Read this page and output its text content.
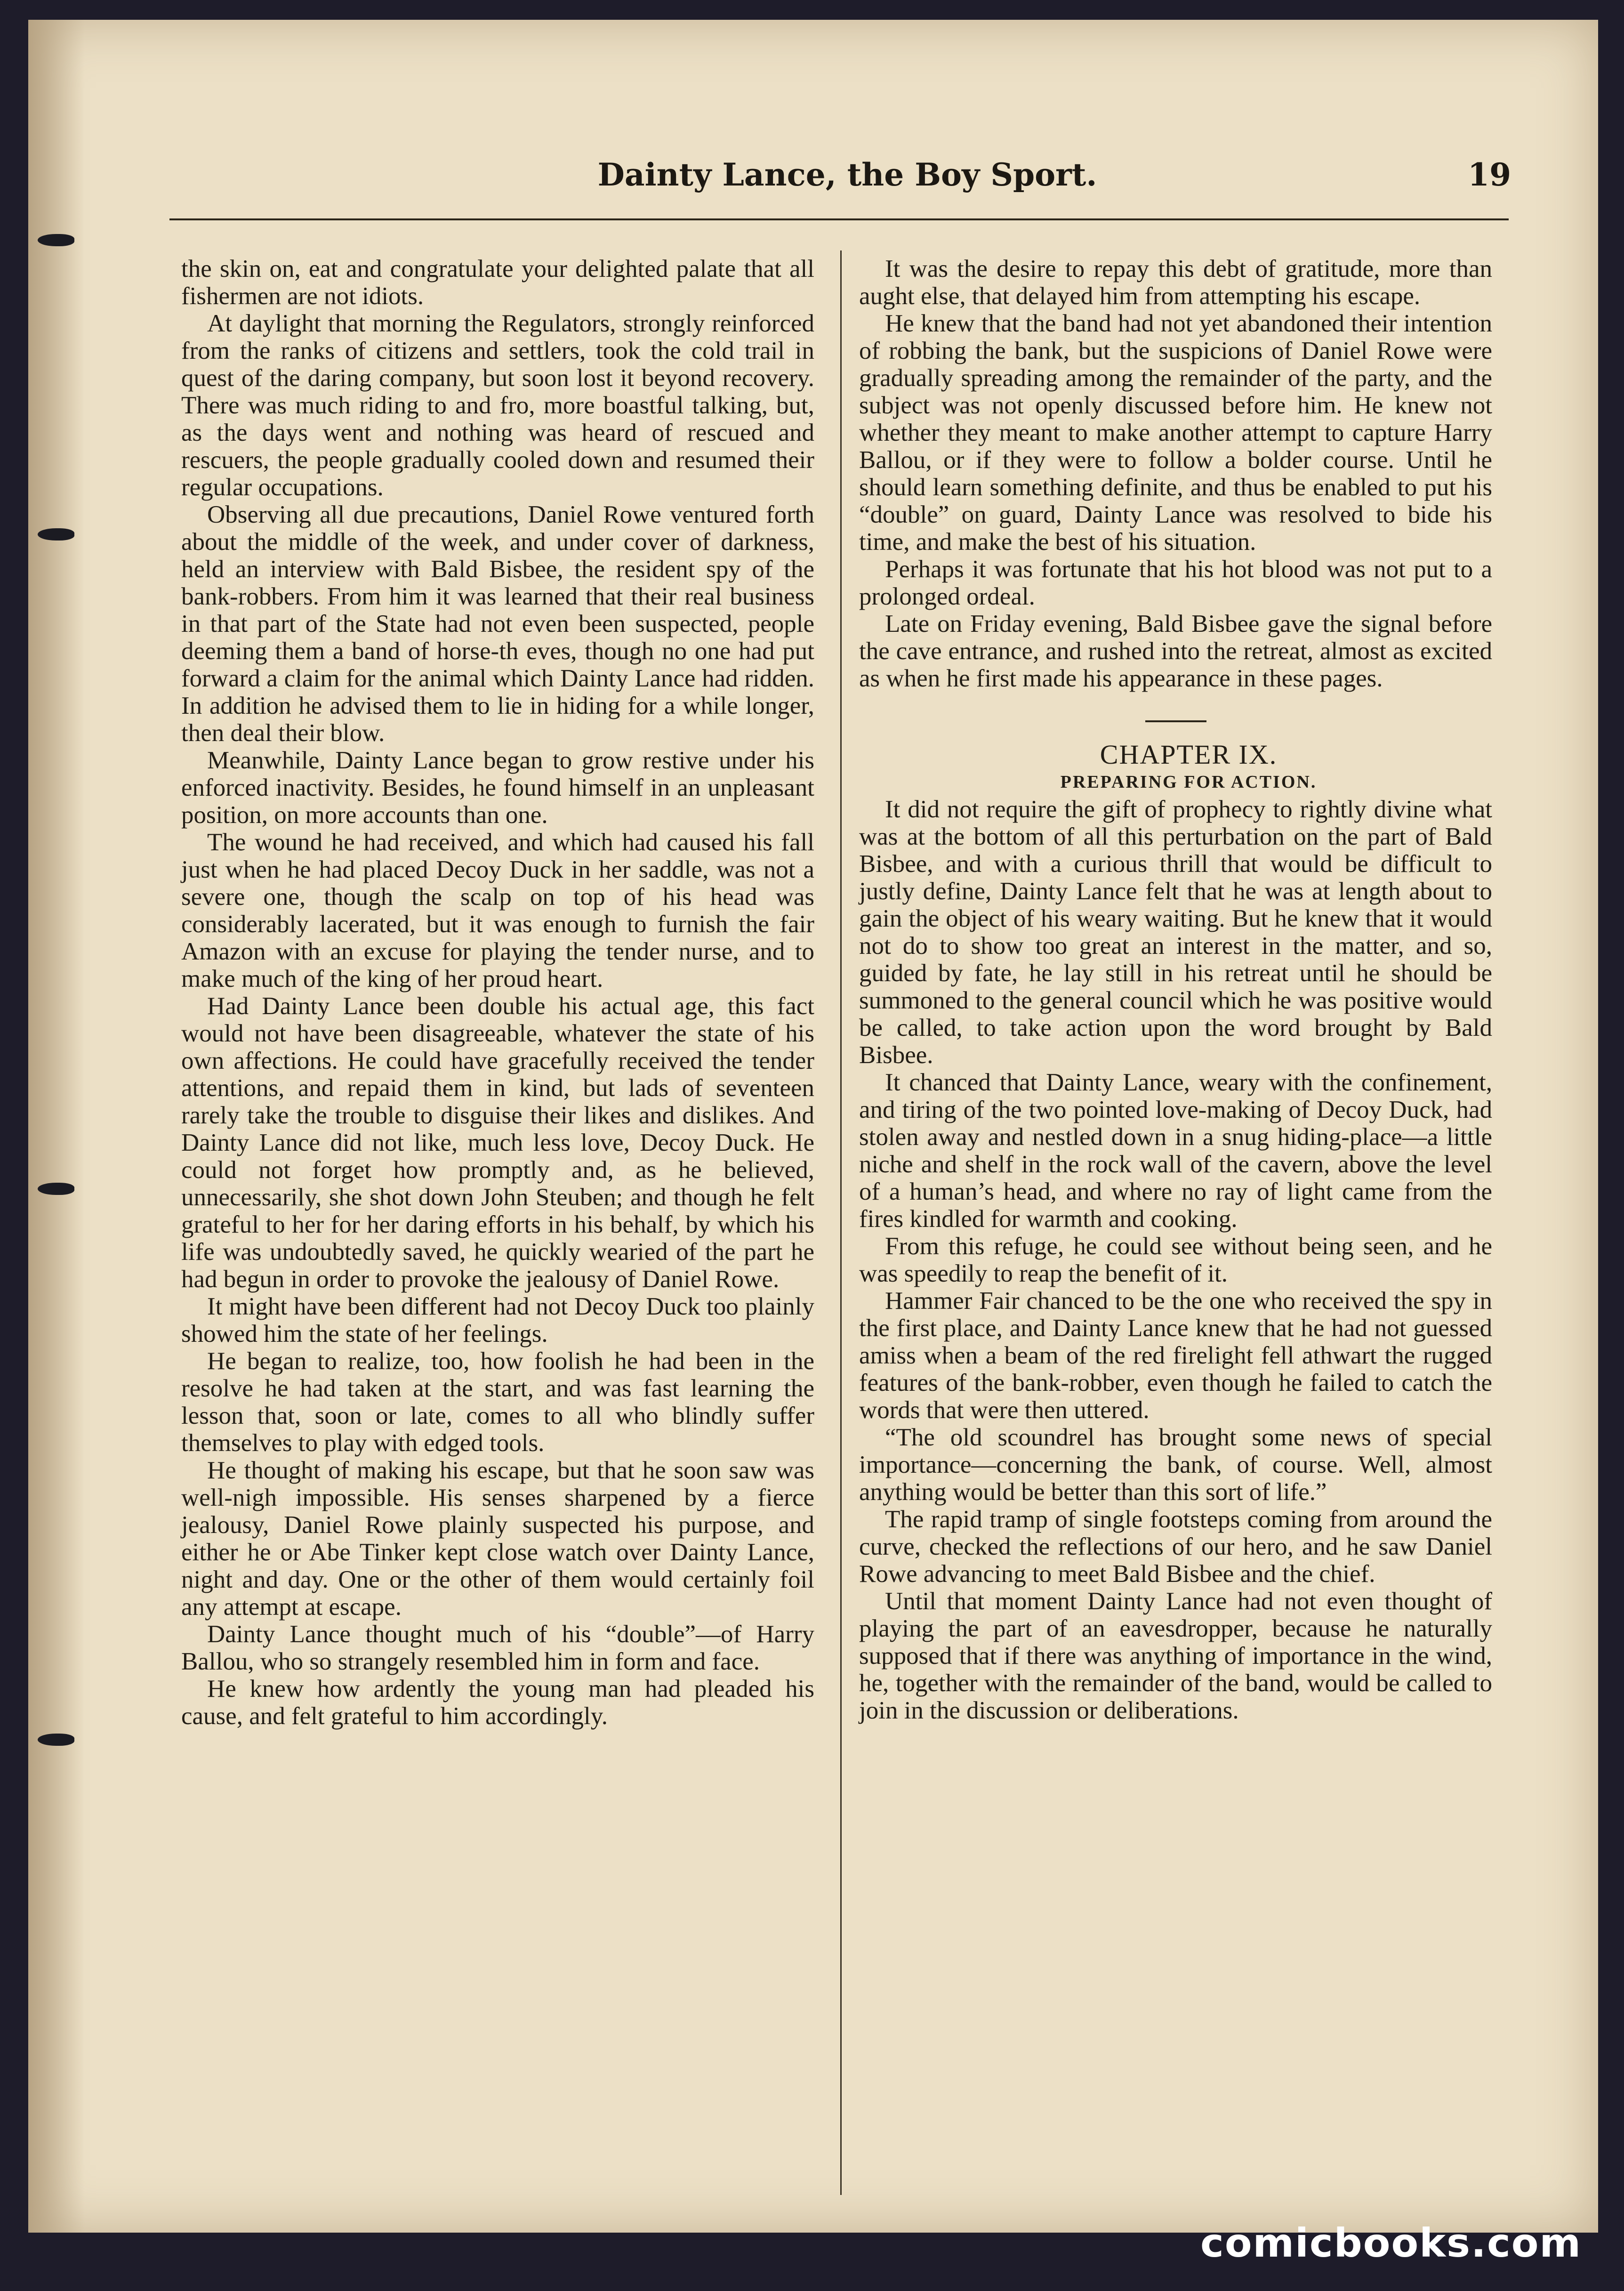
Dainty Lance, the Boy Sport.	19

the skin on, eat and congratulate your delighted palate that all fishermen are not idiots.

At daylight that morning the Regulators, strongly reinforced from the ranks of citizens and settlers, took the cold trail in quest of the daring company, but soon lost it beyond recovery. There was much riding to and fro, more boastful talking, but, as the days went and nothing was heard of rescued and rescuers, the people gradually cooled down and resumed their regular occupations.

Observing all due precautions, Daniel Rowe ventured forth about the middle of the week, and under cover of darkness, held an interview with Bald Bisbee, the resident spy of the bank-robbers. From him it was learned that their real business in that part of the State had not even been suspected, people deeming them a band of horse-th eves, though no one had put forward a claim for the animal which Dainty Lance had ridden. In addition he advised them to lie in hiding for a while longer, then deal their blow.

Meanwhile, Dainty Lance began to grow restive under his enforced inactivity. Besides, he found himself in an unpleasant position, on more accounts than one.

The wound he had received, and which had caused his fall just when he had placed Decoy Duck in her saddle, was not a severe one, though the scalp on top of his head was considerably lacerated, but it was enough to furnish the fair Amazon with an excuse for playing the tender nurse, and to make much of the king of her proud heart.

Had Dainty Lance been double his actual age, this fact would not have been disagreeable, whatever the state of his own affections. He could have gracefully received the tender attentions, and repaid them in kind, but lads of seventeen rarely take the trouble to disguise their likes and dislikes. And Dainty Lance did not like, much less love, Decoy Duck. He could not forget how promptly and, as he believed, unnecessarily, she shot down John Steuben; and though he felt grateful to her for her daring efforts in his behalf, by which his life was undoubtedly saved, he quickly wearied of the part he had begun in order to provoke the jealousy of Daniel Rowe.

It might have been different had not Decoy Duck too plainly showed him the state of her feelings.

He began to realize, too, how foolish he had been in the resolve he had taken at the start, and was fast learning the lesson that, soon or late, comes to all who blindly suffer themselves to play with edged tools.

He thought of making his escape, but that he soon saw was well-nigh impossible. His senses sharpened by a fierce jealousy, Daniel Rowe plainly suspected his purpose, and either he or Abe Tinker kept close watch over Dainty Lance, night and day. One or the other of them would certainly foil any attempt at escape.

Dainty Lance thought much of his “double”—of Harry Ballou, who so strangely resembled him in form and face.

He knew how ardently the young man had pleaded his cause, and felt grateful to him accordingly.

It was the desire to repay this debt of gratitude, more than aught else, that delayed him from attempting his escape.

He knew that the band had not yet abandoned their intention of robbing the bank, but the suspicions of Daniel Rowe were gradually spreading among the remainder of the party, and the subject was not openly discussed before him. He knew not whether they meant to make another attempt to capture Harry Ballou, or if they were to follow a bolder course. Until he should learn something definite, and thus be enabled to put his “double” on guard, Dainty Lance was resolved to bide his time, and make the best of his situation.

Perhaps it was fortunate that his hot blood was not put to a prolonged ordeal.

Late on Friday evening, Bald Bisbee gave the signal before the cave entrance, and rushed into the retreat, almost as excited as when he first made his appearance in these pages.

CHAPTER IX.

PREPARING FOR ACTION.

It did not require the gift of prophecy to rightly divine what was at the bottom of all this perturbation on the part of Bald Bisbee, and with a curious thrill that would be difficult to justly define, Dainty Lance felt that he was at length about to gain the object of his weary waiting. But he knew that it would not do to show too great an interest in the matter, and so, guided by fate, he lay still in his retreat until he should be summoned to the general council which he was positive would be called, to take action upon the word brought by Bald Bisbee.

It chanced that Dainty Lance, weary with the confinement, and tiring of the two pointed love-making of Decoy Duck, had stolen away and nestled down in a snug hiding-place—a little niche and shelf in the rock wall of the cavern, above the level of a human’s head, and where no ray of light came from the fires kindled for warmth and cooking.

From this refuge, he could see without being seen, and he was speedily to reap the benefit of it.

Hammer Fair chanced to be the one who received the spy in the first place, and Dainty Lance knew that he had not guessed amiss when a beam of the red firelight fell athwart the rugged features of the bank-robber, even though he failed to catch the words that were then uttered.

“The old scoundrel has brought some news of special importance—concerning the bank, of course. Well, almost anything would be better than this sort of life.”

The rapid tramp of single footsteps coming from around the curve, checked the reflections of our hero, and he saw Daniel Rowe advancing to meet Bald Bisbee and the chief.

Until that moment Dainty Lance had not even thought of playing the part of an eavesdropper, because he naturally supposed that if there was anything of importance in the wind, he, together with the remainder of the band, would be called to join in the discussion or deliberations.

comicbooks.com
